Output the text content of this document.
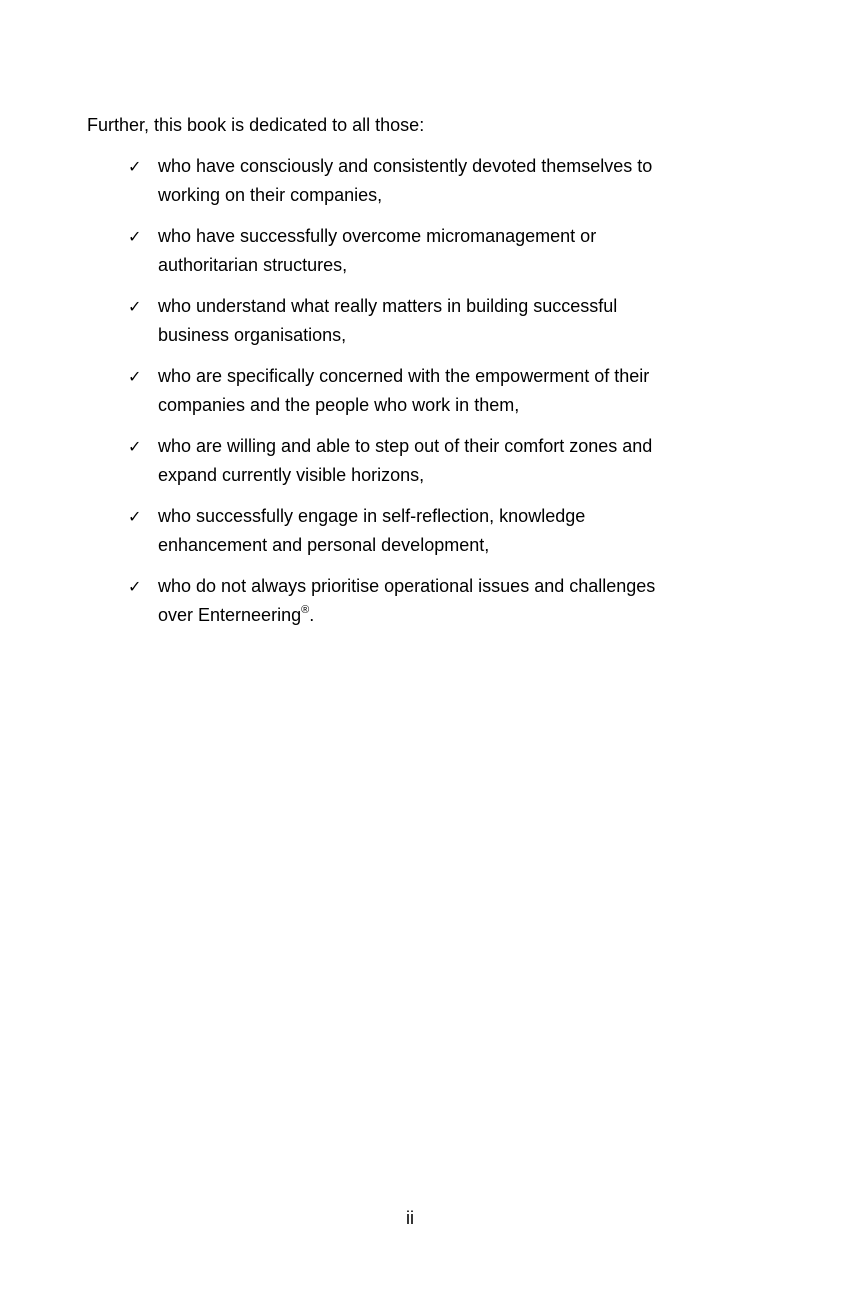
Further, this book is dedicated to all those:

✓ who have consciously and consistently devoted themselves to
working on their companies,
✓ who have successfully overcome micromanagement or
authoritarian structures,
✓ who understand what really matters in building successful
business organisations,
✓ who are specifically concerned with the empowerment of their
companies and the people who work in them,
✓ who are willing and able to step out of their comfort zones and
expand currently visible horizons,
✓ who successfully engage in self-reflection, knowledge
enhancement and personal development,
✓ who do not always prioritise operational issues and challenges
over Enterneering®.
ii
